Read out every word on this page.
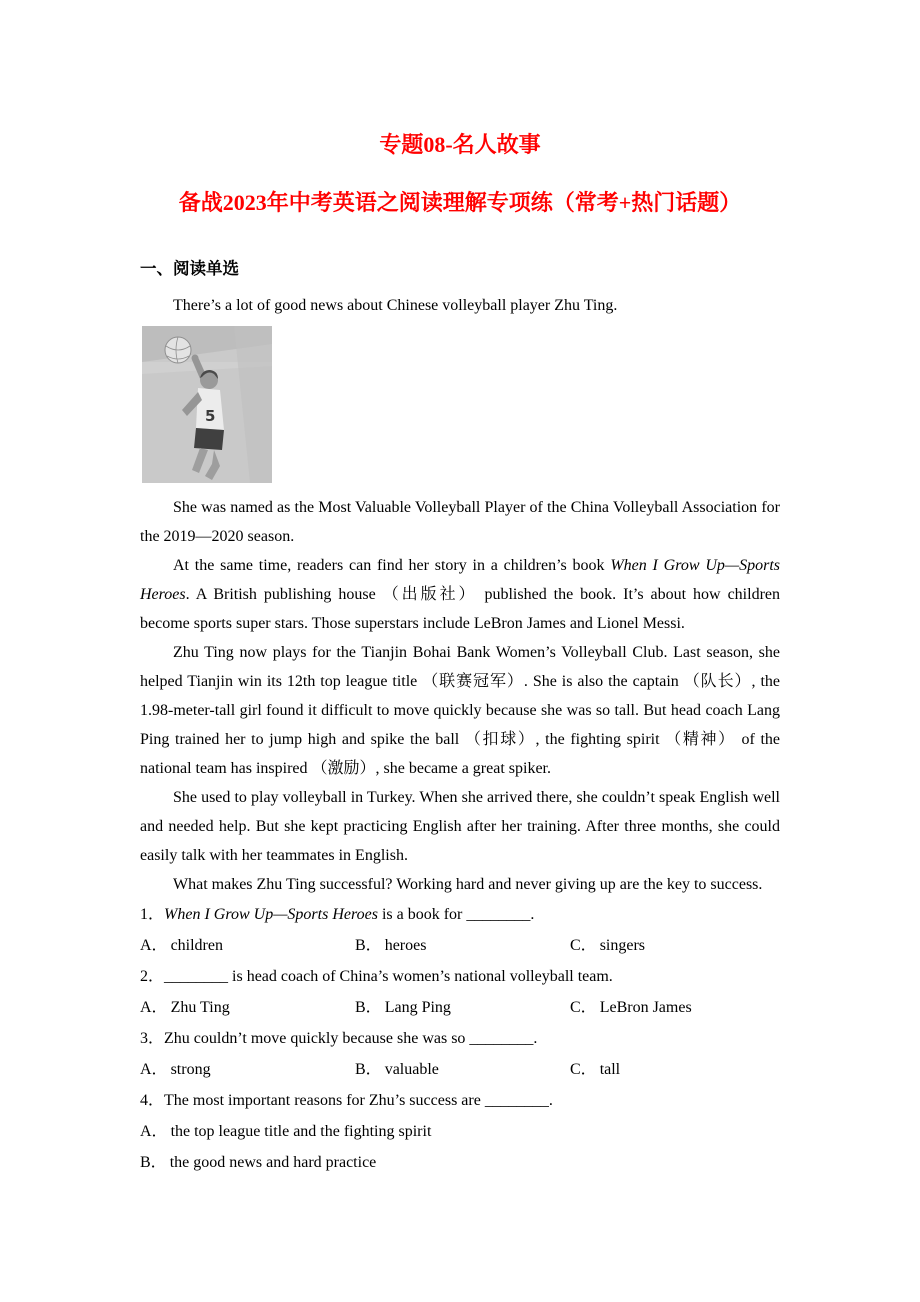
专题08-名人故事
备战2023年中考英语之阅读理解专项练（常考+热门话题）
一、阅读单选

There’s a lot of good news about Chinese volleyball player Zhu Ting.

5

She was named as the Most Valuable Volleyball Player of the China Volleyball Association for the 2019—2020 season.

At the same time, readers can find her story in a children’s book When I Grow Up—Sports Heroes. A British publishing house （出版社） published the book. It’s about how children become sports super stars. Those superstars include LeBron James and Lionel Messi.

Zhu Ting now plays for the Tianjin Bohai Bank Women’s Volleyball Club. Last season, she helped Tianjin win its 12th top league title （联赛冠军）. She is also the captain （队长）, the 1.98-meter-tall girl found it difficult to move quickly because she was so tall. But head coach Lang Ping trained her to jump high and spike the ball （扣球）, the fighting spirit （精神） of the national team has inspired （激励）, she became a great spiker.

She used to play volleyball in Turkey. When she arrived there, she couldn’t speak English well and needed help. But she kept practicing English after her training. After three months, she could easily talk with her teammates in English.

What makes Zhu Ting successful? Working hard and never giving up are the key to success.

1．When I Grow Up—Sports Heroes is a book for ________.

A． children	B． heroes	C． singers

2．________ is head coach of China’s women’s national volleyball team.

A． Zhu Ting	B． Lang Ping	C． LeBron James

3．Zhu couldn’t move quickly because she was so ________.

A． strong	B． valuable	C． tall

4．The most important reasons for Zhu’s success are ________.

A． the top league title and the fighting spirit
B． the good news and hard practice
